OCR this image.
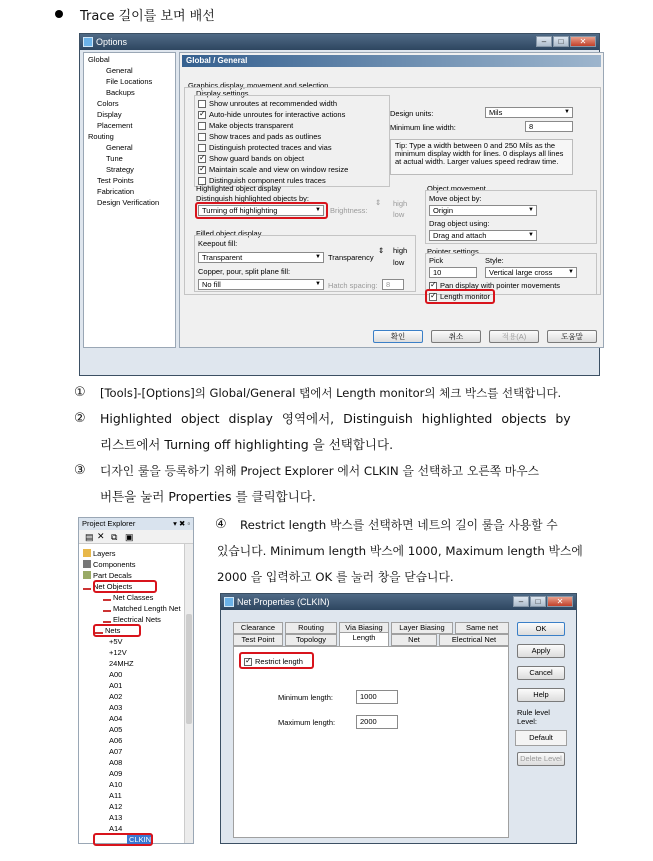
Trace 길이를 보며 배선
Options	–	□	✕
Global
General
File Locations
Backups
Colors
Display
Placement
Routing
General
Tune
Strategy
Test Points
Fabrication
Design Verification
Global / General
Graphics display, movement and selection
Display settings
Show unroutes at recommended width
✓
Auto-hide unroutes for interactive actions
Make objects transparent
Show traces and pads as outlines
Distinguish protected traces and vias
✓
Show guard bands on object
✓
Maintain scale and view on window resize
Distinguish component rules traces
Design units:	Mils	▼
Minimum line width:	8
Tip: Type a width between 0 and 250 Mils as the minimum display width for lines. 0 displays all lines at actual width. Larger values speed redraw time.
Highlighted object display
Distinguish highlighted objects by:
Turning off highlighting	▼ Brightness:
⇕ high
low
Object movement
Move object by:
Origin	▼
Drag object using:
Drag and attach	▼
Filled object display
Keepout fill:
Transparent	▼ Transparency
⇕ high
low
Copper, pour, split plane fill:
No fill	▼ Hatch spacing:	8
Pointer settings
Pick	Style:
10	Vertical large cross	▼
✓
Pan display with pointer movements
✓
Length monitor
확인	취소	적용(A)	도움말
① [Tools]-[Options]의 Global/General 탭에서 Length monitor의 체크 박스를 선택합니다.
② Highlighted object display 영역에서, Distinguish highlighted objects by
리스트에서 Turning off highlighting 을 선택합니다.
③ 디자인 룰을 등록하기 위해 Project Explorer 에서 CLKIN 을 선택하고 오른쪽 마우스
버튼을 눌러 Properties 를 클릭합니다.
④ Restrict length 박스를 선택하면 네트의 길이 룰을 사용할 수
있습니다. Minimum length 박스에 1000, Maximum length 박스에
2000 을 입력하고 OK 를 눌러 창을 닫습니다.
Project Explorer	▾ ✖ ▫
▤ ✕ ⧉ ▣
Layers
Components
Part Decals
Net Objects
Net Classes
Matched Length Net
Electrical Nets
Nets
+5V
+12V
24MHZ
A00
A01
A02
A03
A04
A05
A06
A07
A08
A09
A10
A11
A12
A13
A14
CLKIN
Net Properties (CLKIN)	–	□	✕
Clearance	Routing	Via Biasing	Layer Biasing	Same net
Test Point	Topology	Length	Net	Electrical Net
✓
Restrict length
Minimum length:	1000
Maximum length:	2000
OK
Apply
Cancel
Help
Rule level Level:
Default
Delete Level
